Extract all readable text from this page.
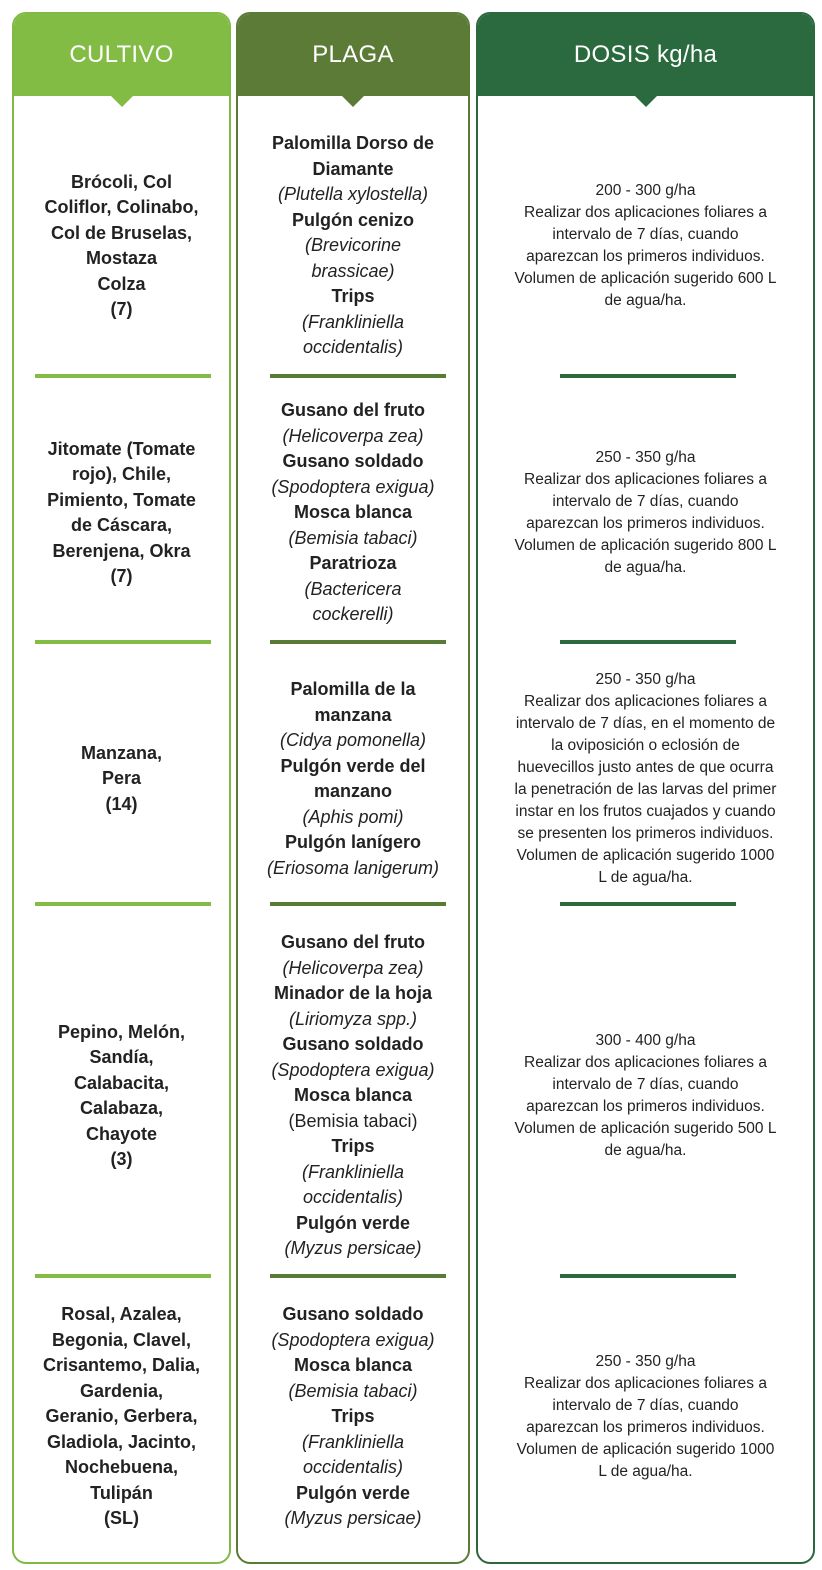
CULTIVO
Brócoli, Col
Coliflor, Colinabo,
Col de Bruselas,
Mostaza
Colza
(7)
Jitomate (Tomate
rojo), Chile,
Pimiento, Tomate
de Cáscara,
Berenjena, Okra
(7)
Manzana,
Pera
(14)
Pepino, Melón,
Sandía,
Calabacita,
Calabaza,
Chayote
(3)
Rosal, Azalea,
Begonia, Clavel,
Crisantemo, Dalia,
Gardenia,
Geranio, Gerbera,
Gladiola, Jacinto,
Nochebuena,
Tulipán
(SL)
PLAGA
Palomilla Dorso de
Diamante
(Plutella xylostella)
Pulgón cenizo
(Brevicorine
brassicae)
Trips
(Frankliniella
occidentalis)
Gusano del fruto
(Helicoverpa zea)
Gusano soldado
(Spodoptera exigua)
Mosca blanca
(Bemisia tabaci)
Paratrioza
(Bactericera
cockerelli)
Palomilla de la
manzana
(Cidya pomonella)
Pulgón verde del
manzano
(Aphis pomi)
Pulgón lanígero
(Eriosoma lanigerum)
Gusano del fruto
(Helicoverpa zea)
Minador de la hoja
(Liriomyza spp.)
Gusano soldado
(Spodoptera exigua)
Mosca blanca
(Bemisia tabaci)
Trips
(Frankliniella
occidentalis)
Pulgón verde
(Myzus persicae)
Gusano soldado
(Spodoptera exigua)
Mosca blanca
(Bemisia tabaci)
Trips
(Frankliniella
occidentalis)
Pulgón verde
(Myzus persicae)
DOSIS kg/ha
200 - 300 g/ha
Realizar dos aplicaciones foliares a
intervalo de 7 días, cuando
aparezcan los primeros individuos.
Volumen de aplicación sugerido 600 L
de agua/ha.
250 - 350 g/ha
Realizar dos aplicaciones foliares a
intervalo de 7 días, cuando
aparezcan los primeros individuos.
Volumen de aplicación sugerido 800 L
de agua/ha.
250 - 350 g/ha
Realizar dos aplicaciones foliares a
intervalo de 7 días, en el momento de
la oviposición o eclosión de
huevecillos justo antes de que ocurra
la penetración de las larvas del primer
instar en los frutos cuajados y cuando
se presenten los primeros individuos.
Volumen de aplicación sugerido 1000
L de agua/ha.
300 - 400 g/ha
Realizar dos aplicaciones foliares a
intervalo de 7 días, cuando
aparezcan los primeros individuos.
Volumen de aplicación sugerido 500 L
de agua/ha.
250 - 350 g/ha
Realizar dos aplicaciones foliares a
intervalo de 7 días, cuando
aparezcan los primeros individuos.
Volumen de aplicación sugerido 1000
L de agua/ha.
